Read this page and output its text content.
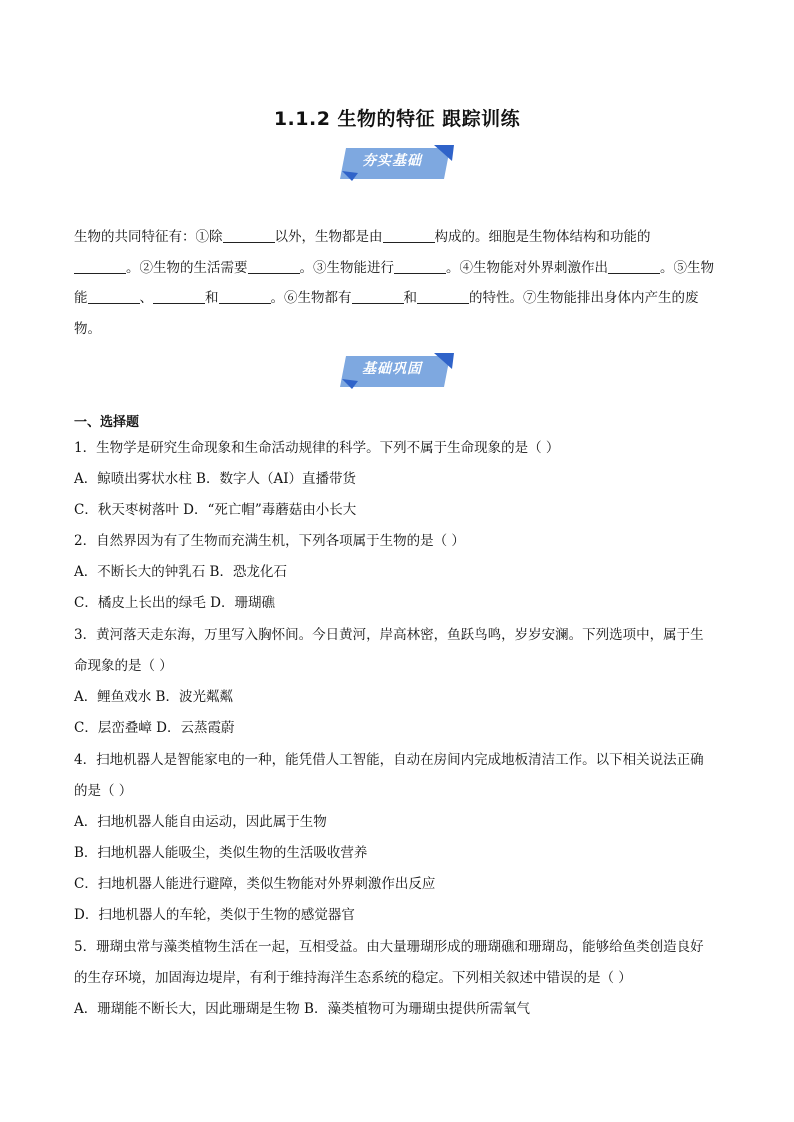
1.1.2 生物的特征 跟踪训练
夯实基础
生物的共同特征有：①除	以外，生物都是由	构成的。细胞是生物体结构和功能的
。②生物的生活需要	。③生物能进行	。④生物能对外界刺激作出	。⑤生物
能	、	和	。⑥生物都有	和	的特性。⑦生物能排出身体内产生的废
物。
基础巩固
一、选择题
1．生物学是研究生命现象和生命活动规律的科学。下列不属于生命现象的是（ ）
A．鲸喷出雾状水柱 B．数字人（AI）直播带货
C．秋天枣树落叶 D．“死亡帽”毒蘑菇由小长大
2．自然界因为有了生物而充满生机，下列各项属于生物的是（ ）
A．不断长大的钟乳石 B．恐龙化石
C．橘皮上长出的绿毛 D．珊瑚礁
3．黄河落天走东海，万里写入胸怀间。今日黄河，岸高林密，鱼跃鸟鸣，岁岁安澜。下列选项中，属于生
命现象的是（ ）
A．鲤鱼戏水 B．波光粼粼
C．层峦叠嶂 D．云蒸霞蔚
4．扫地机器人是智能家电的一种，能凭借人工智能，自动在房间内完成地板清洁工作。以下相关说法正确
的是（ ）
A．扫地机器人能自由运动，因此属于生物
B．扫地机器人能吸尘，类似生物的生活吸收营养
C．扫地机器人能进行避障，类似生物能对外界刺激作出反应
D．扫地机器人的车轮，类似于生物的感觉器官
5．珊瑚虫常与藻类植物生活在一起，互相受益。由大量珊瑚形成的珊瑚礁和珊瑚岛，能够给鱼类创造良好
的生存环境，加固海边堤岸，有利于维持海洋生态系统的稳定。下列相关叙述中错误的是（ ）
A．珊瑚能不断长大，因此珊瑚是生物 B．藻类植物可为珊瑚虫提供所需氧气
